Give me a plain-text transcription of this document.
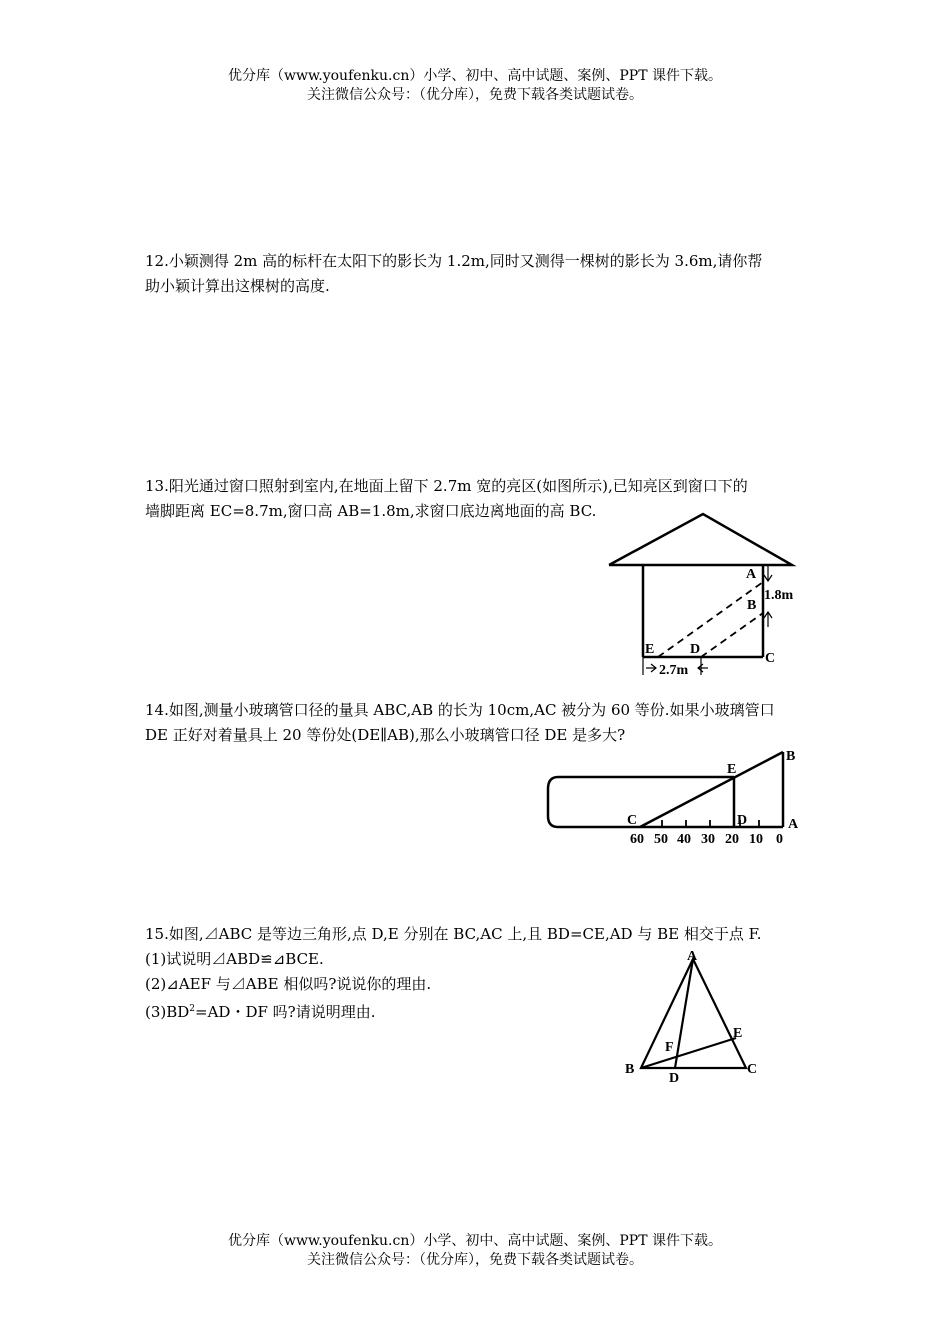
优分库（www.youfenku.cn）小学、初中、高中试题、案例、PPT 课件下载。
关注微信公众号：（优分库），免费下载各类试题试卷。
12.小颖测得 2m 高的标杆在太阳下的影长为 1.2m,同时又测得一棵树的影长为 3.6m,请你帮
助小颖计算出这棵树的高度.
13.阳光通过窗口照射到室内,在地面上留下 2.7m 宽的亮区(如图所示),已知亮区到窗口下的
墙脚距离 EC=8.7m,窗口高 AB=1.8m,求窗口底边离地面的高 BC.
A
B
C
D
E
1.8m
2.7m
14.如图,测量小玻璃管口径的量具 ABC,AB 的长为 10cm,AC 被分为 60 等份.如果小玻璃管口
DE 正好对着量具上 20 等份处(DE∥AB),那么小玻璃管口径 DE 是多大?
A
B
C	D
E
60 50 40 30 20 10 0
15.如图,⊿ABC 是等边三角形,点 D,E 分别在 BC,AC 上,且 BD=CE,AD 与 BE 相交于点 F.
(1)试说明⊿ABD≌⊿BCE.
(2)⊿AEF 与⊿ABE 相似吗?说说你的理由.
$(3)BD^2=AD$・DF 吗?请说明理由.
A
B	C
D
E
F
优分库（www.youfenku.cn）小学、初中、高中试题、案例、PPT 课件下载。
关注微信公众号：（优分库），免费下载各类试题试卷。
